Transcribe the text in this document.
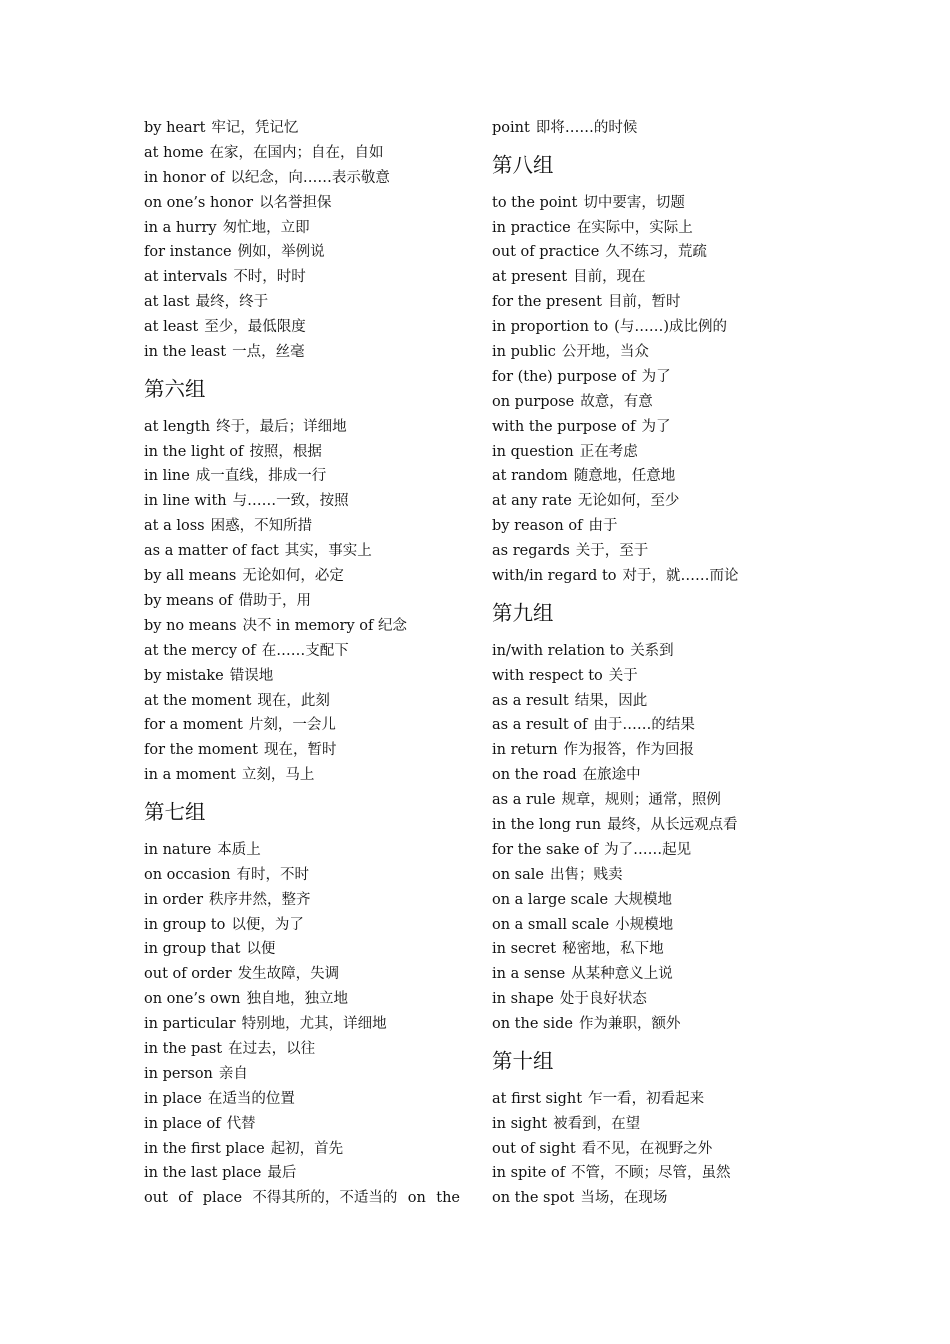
by heart 牢记，凭记忆
at home 在家，在国内；自在，自如
in honor of 以纪念，向……表示敬意
on one’s honor 以名誉担保
in a hurry 匆忙地，立即
for instance 例如，举例说
at intervals 不时，时时
at last 最终，终于
at least 至少，最低限度
in the least 一点，丝毫
第六组
at length 终于，最后；详细地
in the light of 按照，根据
in line 成一直线，排成一行
in line with 与……一致，按照
at a loss 困惑，不知所措
as a matter of fact 其实，事实上
by all means 无论如何，必定
by means of 借助于，用
by no means 决不 in memory of 纪念
at the mercy of 在……支配下
by mistake 错误地
at the moment 现在，此刻
for a moment 片刻，一会儿
for the moment 现在，暂时
in a moment 立刻，马上
第七组
in nature 本质上
on occasion 有时，不时
in order 秩序井然，整齐
in group to 以便，为了
in group that 以便
out of order 发生故障，失调
on one’s own 独自地，独立地
in particular 特别地，尤其，详细地
in the past 在过去，以往
in person 亲自
in place 在适当的位置
in place of 代替
in the first place 起初，首先
in the last place 最后
out of place 不得其所的，不适当的 on the
point 即将……的时候
第八组
to the point 切中要害，切题
in practice 在实际中，实际上
out of practice 久不练习，荒疏
at present 目前，现在
for the present 目前，暂时
in proportion to (与……)成比例的
in public 公开地，当众
for (the) purpose of 为了
on purpose 故意，有意
with the purpose of 为了
in question 正在考虑
at random 随意地，任意地
at any rate 无论如何，至少
by reason of 由于
as regards 关于，至于
with/in regard to 对于，就……而论
第九组
in/with relation to 关系到
with respect to 关于
as a result 结果，因此
as a result of 由于……的结果
in return 作为报答，作为回报
on the road 在旅途中
as a rule 规章，规则；通常，照例
in the long run 最终，从长远观点看
for the sake of 为了……起见
on sale 出售；贱卖
on a large scale 大规模地
on a small scale 小规模地
in secret 秘密地，私下地
in a sense 从某种意义上说
in shape 处于良好状态
on the side 作为兼职，额外
第十组
at first sight 乍一看，初看起来
in sight 被看到，在望
out of sight 看不见，在视野之外
in spite of 不管，不顾；尽管，虽然
on the spot 当场，在现场
